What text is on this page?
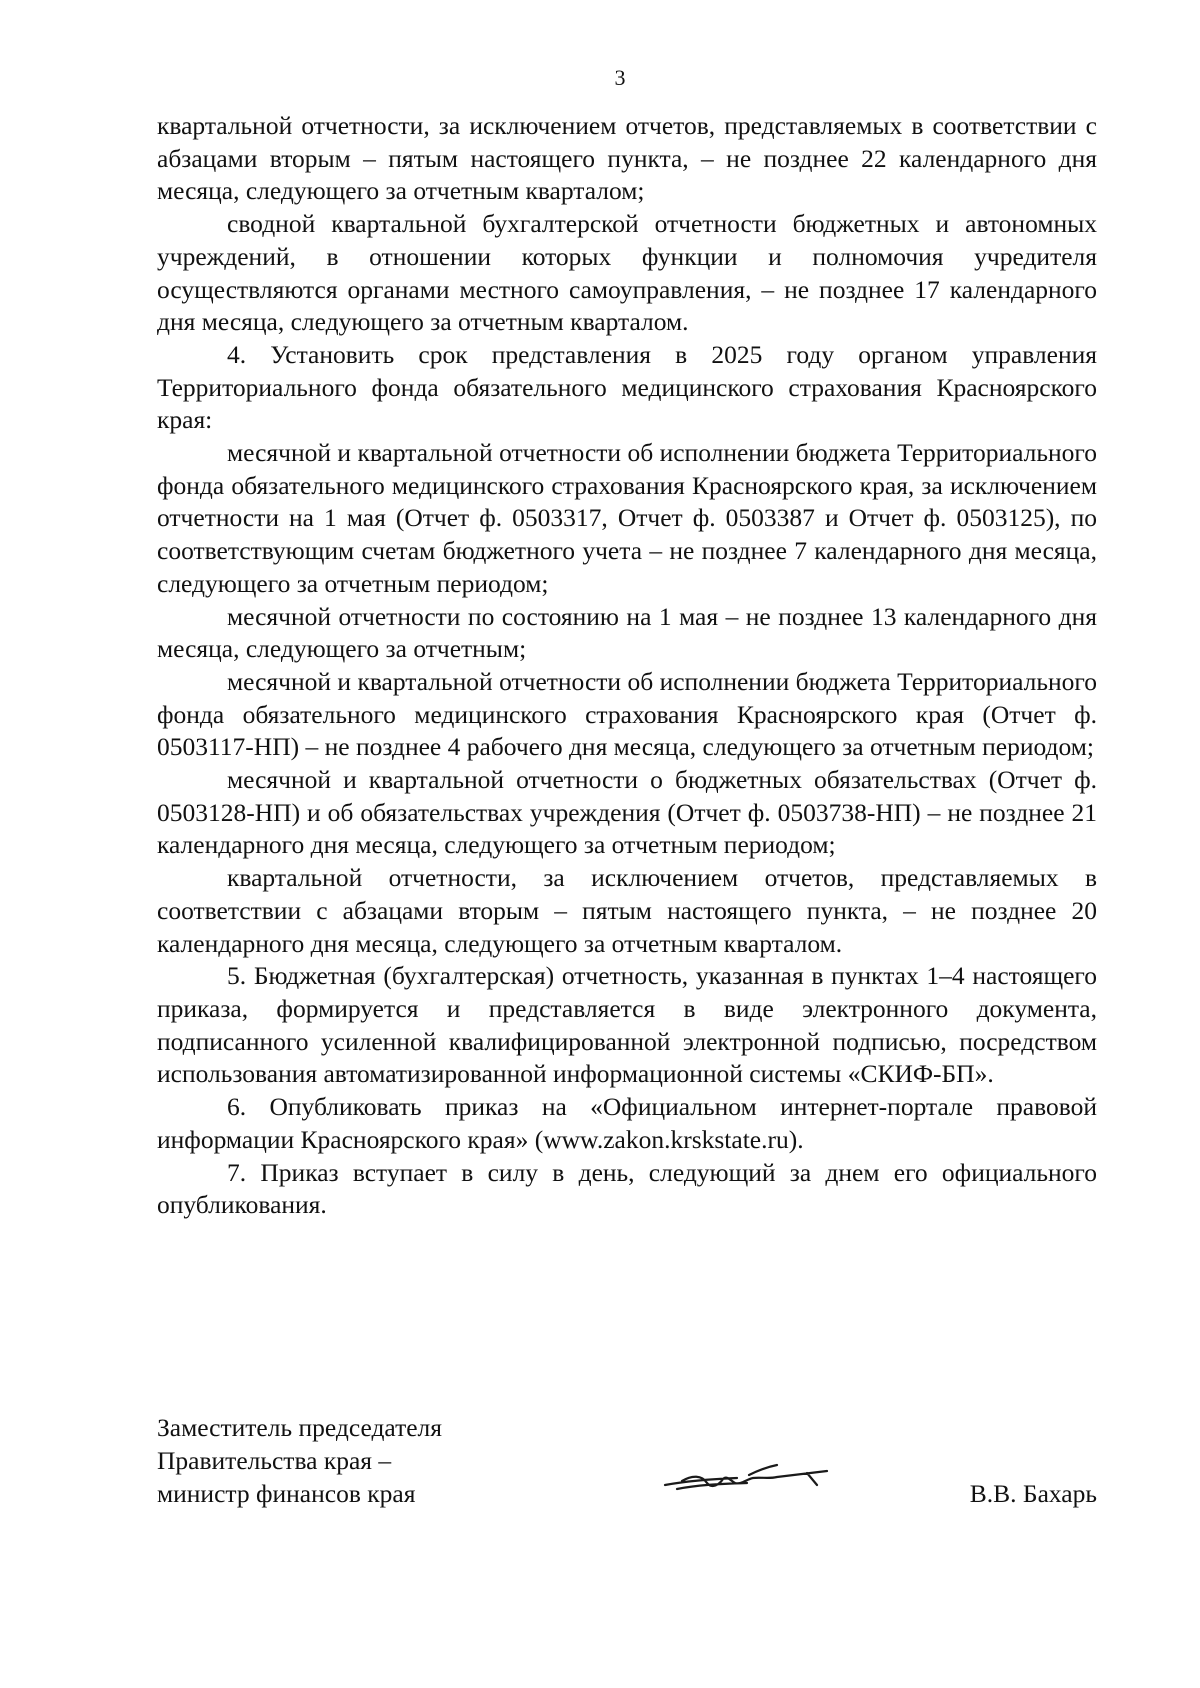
3

квартальной отчетности, за исключением отчетов, представляемых в соответствии с абзацами вторым – пятым настоящего пункта, – не позднее 22 календарного дня месяца, следующего за отчетным кварталом;

сводной квартальной бухгалтерской отчетности бюджетных и автономных учреждений, в отношении которых функции и полномочия учредителя осуществляются органами местного самоуправления, – не позднее 17 календарного дня месяца, следующего за отчетным кварталом.

4. Установить срок представления в 2025 году органом управления Территориального фонда обязательного медицинского страхования Красноярского края:

месячной и квартальной отчетности об исполнении бюджета Территориального фонда обязательного медицинского страхования Красноярского края, за исключением отчетности на 1 мая (Отчет ф. 0503317, Отчет ф. 0503387 и Отчет ф. 0503125), по соответствующим счетам бюджетного учета – не позднее 7 календарного дня месяца, следующего за отчетным периодом;

месячной отчетности по состоянию на 1 мая – не позднее 13 календарного дня месяца, следующего за отчетным;

месячной и квартальной отчетности об исполнении бюджета Территориального фонда обязательного медицинского страхования Красноярского края (Отчет ф. 0503117-НП) – не позднее 4 рабочего дня месяца, следующего за отчетным периодом;

месячной и квартальной отчетности о бюджетных обязательствах (Отчет ф. 0503128-НП) и об обязательствах учреждения (Отчет ф. 0503738-НП) – не позднее 21 календарного дня месяца, следующего за отчетным периодом;

квартальной отчетности, за исключением отчетов, представляемых в соответствии с абзацами вторым – пятым настоящего пункта, – не позднее 20 календарного дня месяца, следующего за отчетным кварталом.

5. Бюджетная (бухгалтерская) отчетность, указанная в пунктах 1–4 настоящего приказа, формируется и представляется в виде электронного документа, подписанного усиленной квалифицированной электронной подписью, посредством использования автоматизированной информационной системы «СКИФ-БП».

6. Опубликовать приказ на «Официальном интернет-портале правовой информации Красноярского края» (www.zakon.krskstate.ru).

7. Приказ вступает в силу в день, следующий за днем его официального опубликования.

Заместитель председателя
Правительства края –
министр финансов края	В.В. Бахарь
